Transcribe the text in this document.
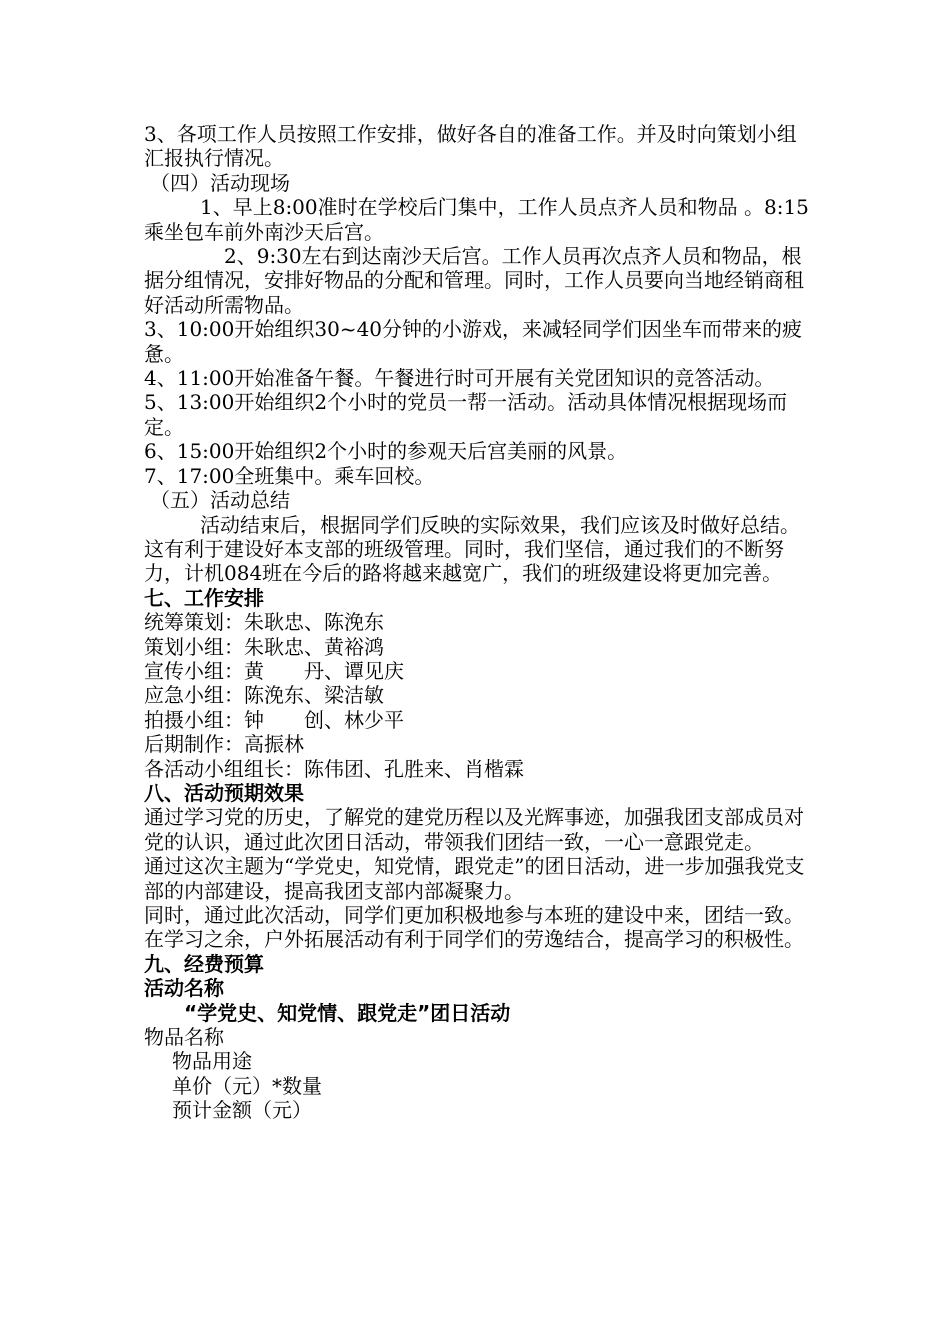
3、各项工作人员按照工作安排，做好各自的准备工作。并及时向策划小组汇报执行情况。

（四）活动现场

1、早上8:00准时在学校后门集中，工作人员点齐人员和物品 。8:15乘坐包车前外南沙天后宫。

2、9:30左右到达南沙天后宫。工作人员再次点齐人员和物品，根据分组情况，安排好物品的分配和管理。同时，工作人员要向当地经销商租好活动所需物品。

3、10:00开始组织30~40分钟的小游戏，来减轻同学们因坐车而带来的疲惫。

4、11:00开始准备午餐。午餐进行时可开展有关党团知识的竞答活动。

5、13:00开始组织2个小时的党员一帮一活动。活动具体情况根据现场而定。

6、15:00开始组织2个小时的参观天后宫美丽的风景。

7、17:00全班集中。乘车回校。

（五）活动总结

活动结束后，根据同学们反映的实际效果，我们应该及时做好总结。这有利于建设好本支部的班级管理。同时，我们坚信，通过我们的不断努力，计机084班在今后的路将越来越宽广，我们的班级建设将更加完善。

七、工作安排

统筹策划：朱耿忠、陈浼东

策划小组：朱耿忠、黄裕鸿

宣传小组：黄　　丹、谭见庆

应急小组：陈浼东、梁洁敏

拍摄小组：钟　　创、林少平

后期制作：高振林

各活动小组组长：陈伟团、孔胜来、肖楷霖

八、活动预期效果

通过学习党的历史，了解党的建党历程以及光辉事迹，加强我团支部成员对党的认识，通过此次团日活动，带领我们团结一致，一心一意跟党走。

通过这次主题为“学党史，知党情，跟党走”的团日活动，进一步加强我党支部的内部建设，提高我团支部内部凝聚力。

同时，通过此次活动，同学们更加积极地参与本班的建设中来，团结一致。在学习之余，户外拓展活动有利于同学们的劳逸结合，提高学习的积极性。

九、经费预算

活动名称

“学党史、知党情、跟党走”团日活动

物品名称

物品用途

单价（元）*数量

预计金额（元）
